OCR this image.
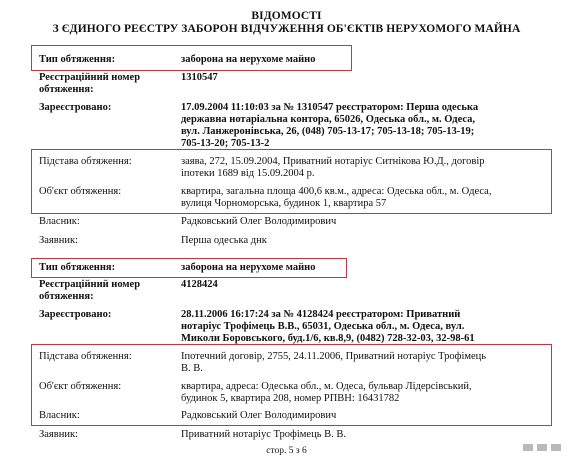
ВІДОМОСТІ
З ЄДИНОГО РЕЄСТРУ ЗАБОРОН ВІДЧУЖЕННЯ ОБ'ЄКТІВ НЕРУХОМОГО МАЙНА
Тип обтяження:	заборона на нерухоме майно
Реєстраційний номер
обтяження:
1310547
Зареєстровано:	17.09.2004 11:10:03 за № 1310547 реєстратором: Перша одеська
державна нотаріальна контора, 65026, Одеська обл., м. Одеса,
вул. Ланжеронівська, 26, (048) 705-13-17; 705-13-18; 705-13-19;
705-13-20; 705-13-2
Підстава обтяження:	заява, 272, 15.09.2004, Приватний нотаріус Ситнікова Ю.Д., договір
іпотеки 1689 від 15.09.2004 р.
Об'єкт обтяження:	квартира, загальна площа 400,6 кв.м., адреса: Одеська обл., м. Одеса,
вулиця Чорноморська, будинок 1, квартира 57
Власник:	Радковський Олег Володимирович
Заявник:	Перша одеська днк
Тип обтяження:	заборона на нерухоме майно
Реєстраційний номер
обтяження:
4128424
Зареєстровано:	28.11.2006 16:17:24 за № 4128424 реєстратором: Приватний
нотаріус Трофімець В.В., 65031, Одеська обл., м. Одеса, вул.
Миколи Боровського, буд.1/6, кв.8,9, (0482) 728-32-03, 32-98-61
Підстава обтяження:	Іпотечний договір, 2755, 24.11.2006, Приватний нотаріус Трофімець
В. В.
Об'єкт обтяження:	квартира, адреса: Одеська обл., м. Одеса, бульвар Лідерсівський,
будинок 5, квартира 208, номер РПВН: 16431782
Власник:	Радковський Олег Володимирович
Заявник:	Приватний нотаріус Трофімець В. В.
стор. 5 з 6
